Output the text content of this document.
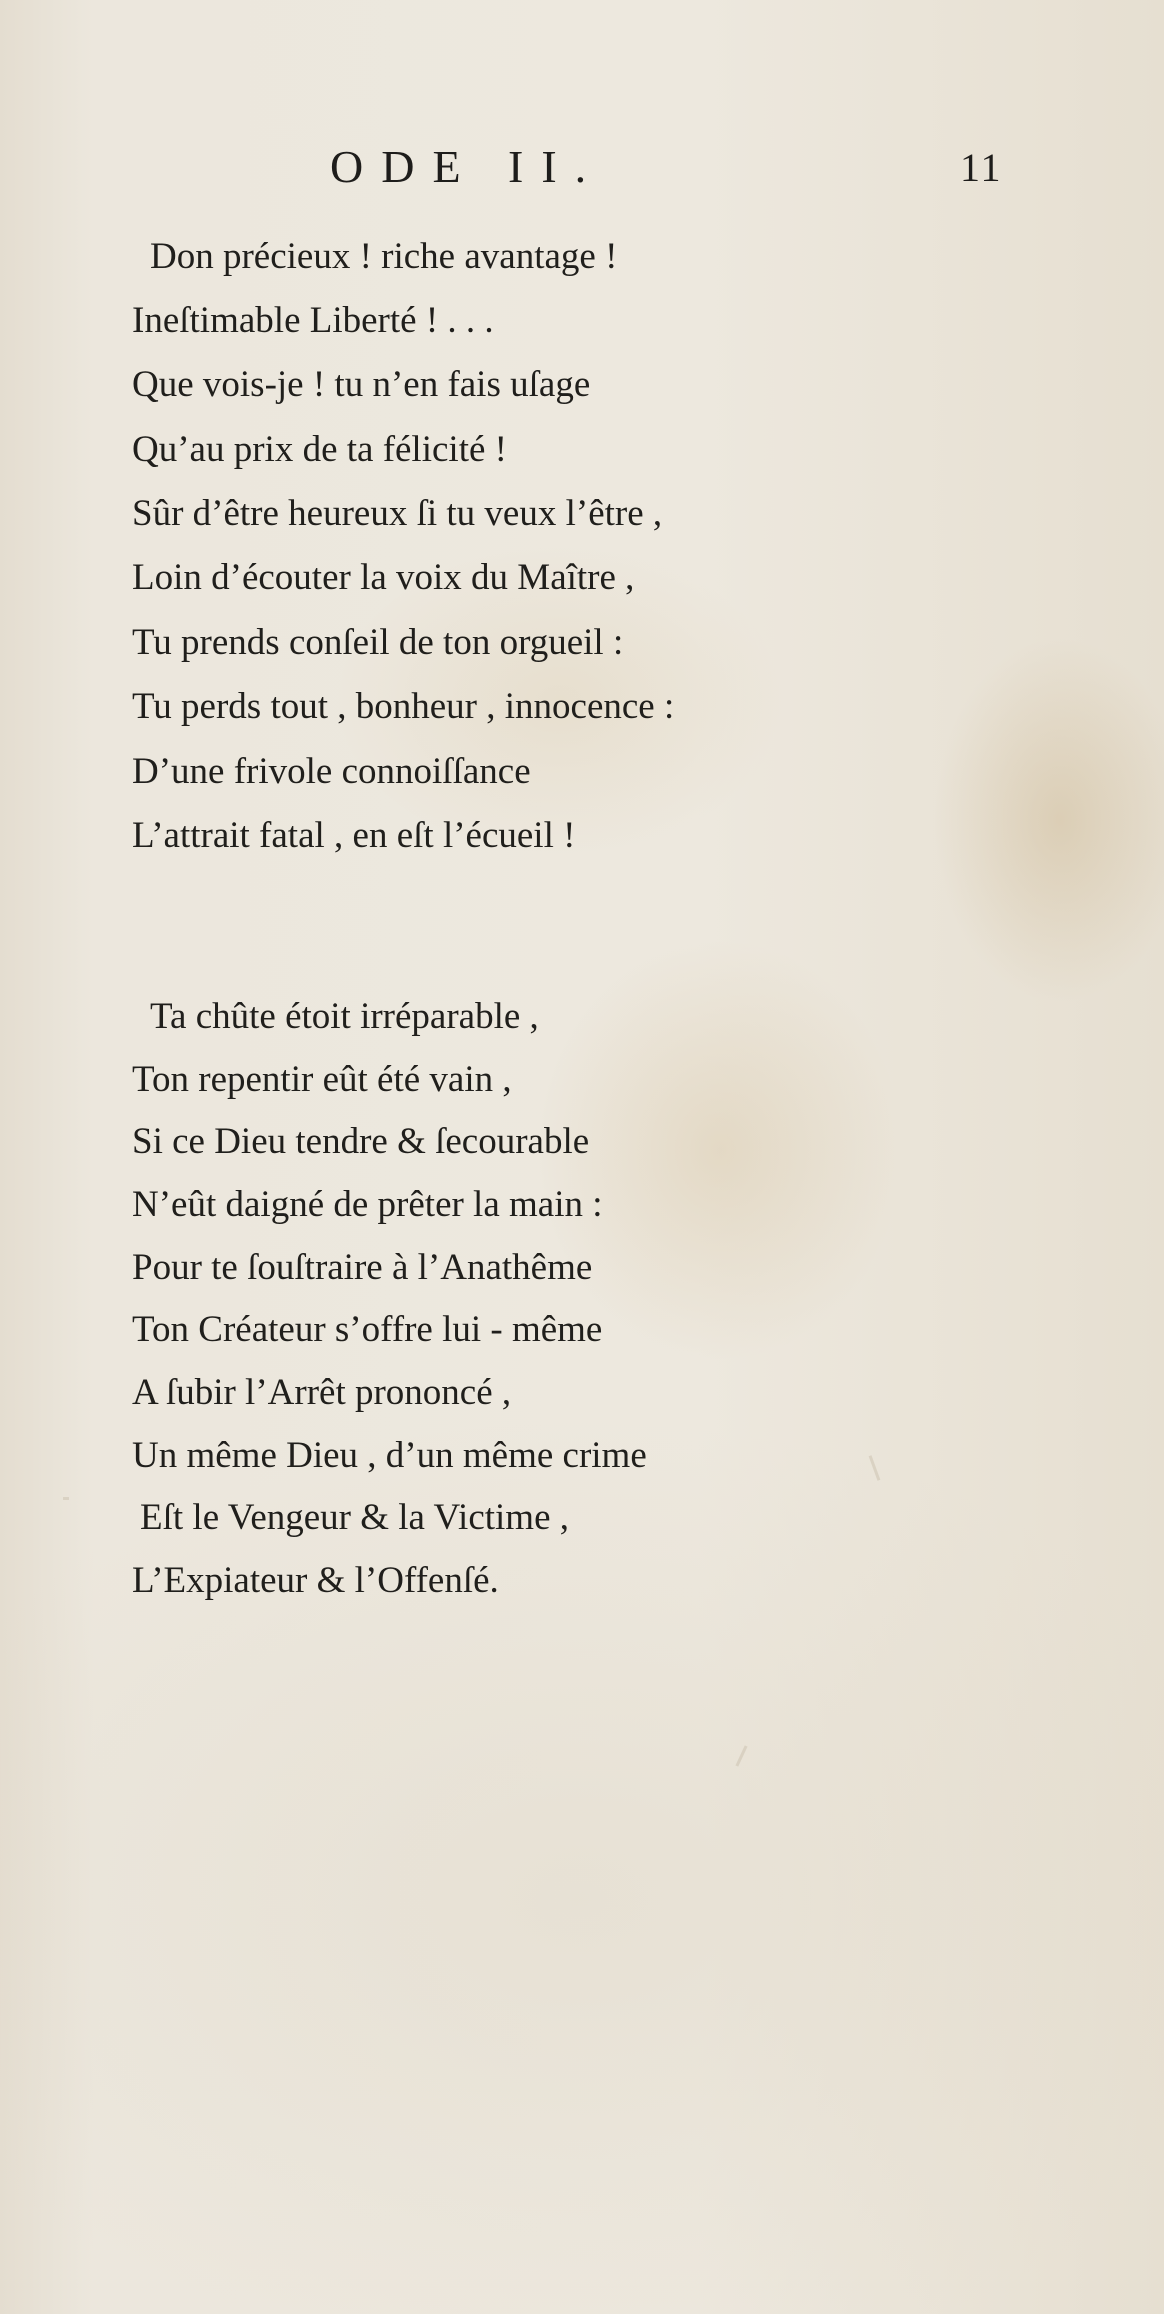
ODE II.	11
Don précieux ! riche avantage !
Ineſtimable Liberté ! . . .
Que vois-je ! tu n’en fais uſage
Qu’au prix de ta félicité !
Sûr d’être heureux ſi tu veux l’être ,
Loin d’écouter la voix du Maître ,
Tu prends conſeil de ton orgueil :
Tu perds tout , bonheur , innocence :
D’une frivole connoiſſance
L’attrait fatal , en eſt l’écueil !
Ta chûte étoit irréparable ,
Ton repentir eût été vain ,
Si ce Dieu tendre & ſecourable
N’eût daigné de prêter la main :
Pour te ſouſtraire à l’Anathême
Ton Créateur s’offre lui - même
A ſubir l’Arrêt prononcé ,
Un même Dieu , d’un même crime
Eſt le Vengeur & la Victime ,
L’Expiateur & l’Offenſé.
